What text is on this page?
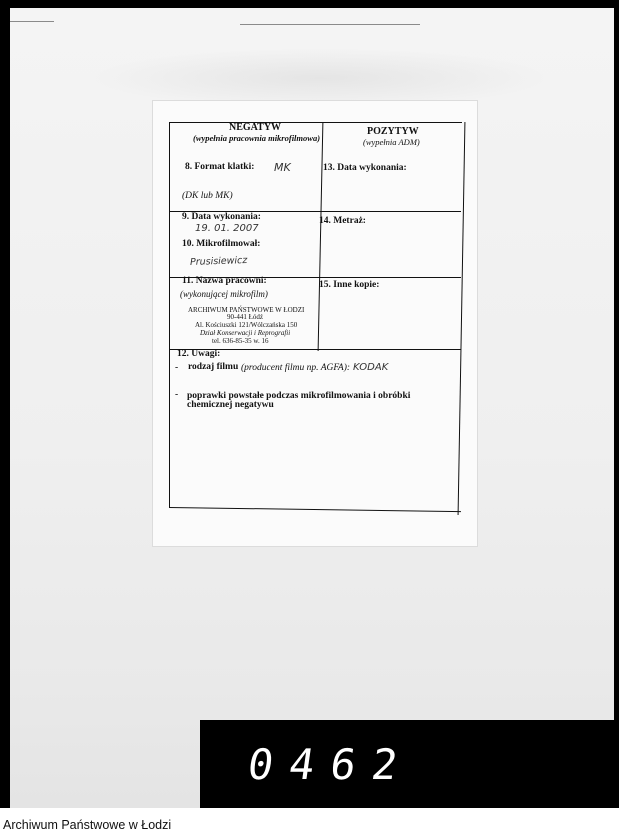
NEGATYW
(wypełnia pracownia mikrofilmowa)
POZYTYW
(wypełnia ADM)
8. Format klatki: MK
(DK lub MK)
13. Data wykonania:
9. Data wykonania:
19. 01. 2007
14. Metraż:
10. Mikrofilmował:
Prusisiewicz
11. Nazwa pracowni:
(wykonującej mikrofilm)
ARCHIWUM PAŃSTWOWE W ŁODZI
90-441 Łódź
Al. Kościuszki 121/Wólczańska 150
Dział Konserwacji i Reprografii
tel. 636-85-35 w. 16
15. Inne kopie:
12. Uwagi:
- rodzaj filmu (producent filmu np. AGFA): KODAK
- poprawki powstałe podczas mikrofilmowania i obróbki
chemicznej negatywu
0462
Archiwum Państwowe w Łodzi
